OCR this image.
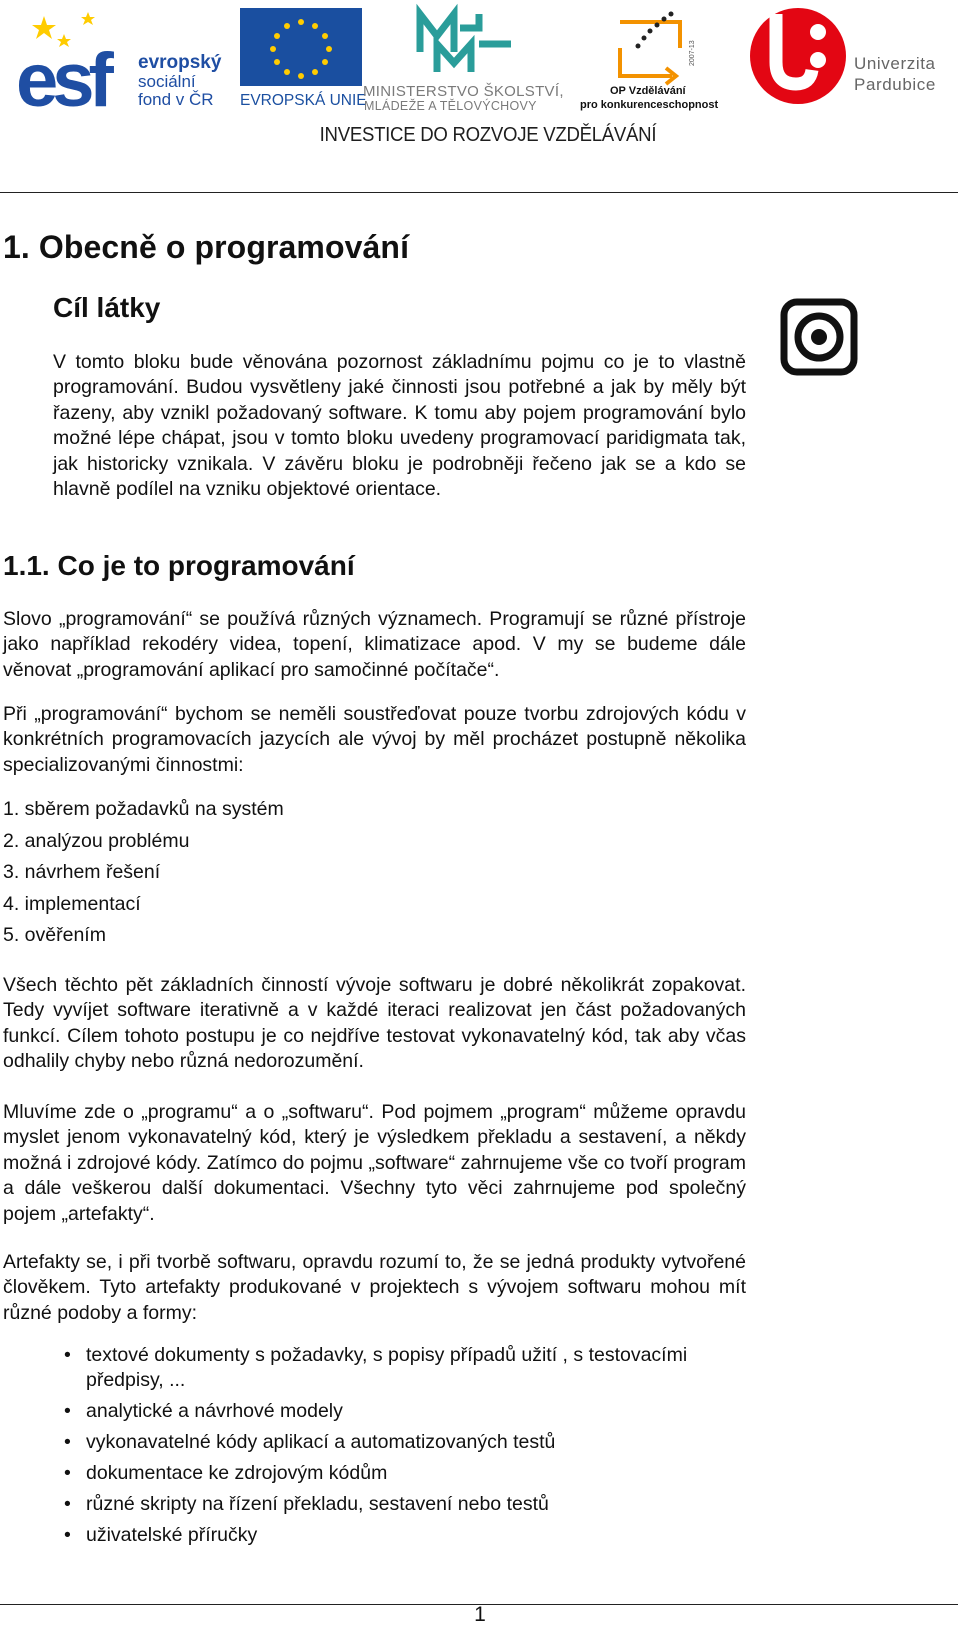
esf	evropský
sociální
fond v ČR EVROPSKÁ UNIE
MINISTERSTVO ŠKOLSTVÍ,
MLÁDEŽE A TĚLOVÝCHOVY
2007-13
OP Vzdělávání
pro konkurenceschopnost
Univerzita
Pardubice
INVESTICE DO ROZVOJE VZDĚLÁVÁNÍ
1. Obecně o programování
Cíl látky

V tomto bloku bude věnována pozornost základnímu pojmu co je to vlastně programování. Budou vysvětleny jaké činnosti jsou potřebné a jak by měly být řazeny, aby vznikl požadovaný software. K tomu aby pojem programování bylo možné lépe chápat, jsou v tomto bloku uvedeny programovací paridigmata tak, jak historicky vznikala. V závěru bloku je podrobněji řečeno jak se a kdo se hlavně podílel na vzniku objektové orientace.

1.1. Co je to programování

Slovo „programování“ se používá různých významech. Programují se různé přístroje jako například rekodéry videa, topení, klimatizace apod. V my se budeme dále věnovat „programování aplikací pro samočinné počítače“.

Při „programování“ bychom se neměli soustřeďovat pouze tvorbu zdrojových kódu v konkrétních programovacích jazycích ale vývoj by měl procházet postupně několika specializovanými činnostmi:

1. sběrem požadavků na systém
2. analýzou problému
3. návrhem řešení
4. implementací
5. ověřením

Všech těchto pět základních činností vývoje softwaru je dobré několikrát zopakovat. Tedy vyvíjet software iterativně a v každé iteraci realizovat jen část požadovaných funkcí. Cílem tohoto postupu je co nejdříve testovat vykonavatelný kód, tak aby včas odhalily chyby nebo různá nedorozumění.

Mluvíme zde o „programu“ a o „softwaru“. Pod pojmem „program“ můžeme opravdu myslet jenom vykonavatelný kód, který je výsledkem překladu a sestavení, a někdy možná i zdrojové kódy. Zatímco do pojmu „software“ zahrnujeme vše co tvoří program a dále veškerou další dokumentaci. Všechny tyto věci zahrnujeme pod společný pojem „artefakty“.

Artefakty se, i při tvorbě softwaru, opravdu rozumí to, že se jedná produkty vytvořené člověkem. Tyto artefakty produkované v projektech s vývojem softwaru mohou mít různé podoby a formy:

• textové dokumenty s požadavky, s popisy případů užití , s testovacími předpisy, ...
• analytické a návrhové modely
• vykonavatelné kódy aplikací a automatizovaných testů
• dokumentace ke zdrojovým kódům
• různé skripty na řízení překladu, sestavení nebo testů
• uživatelské příručky
1
